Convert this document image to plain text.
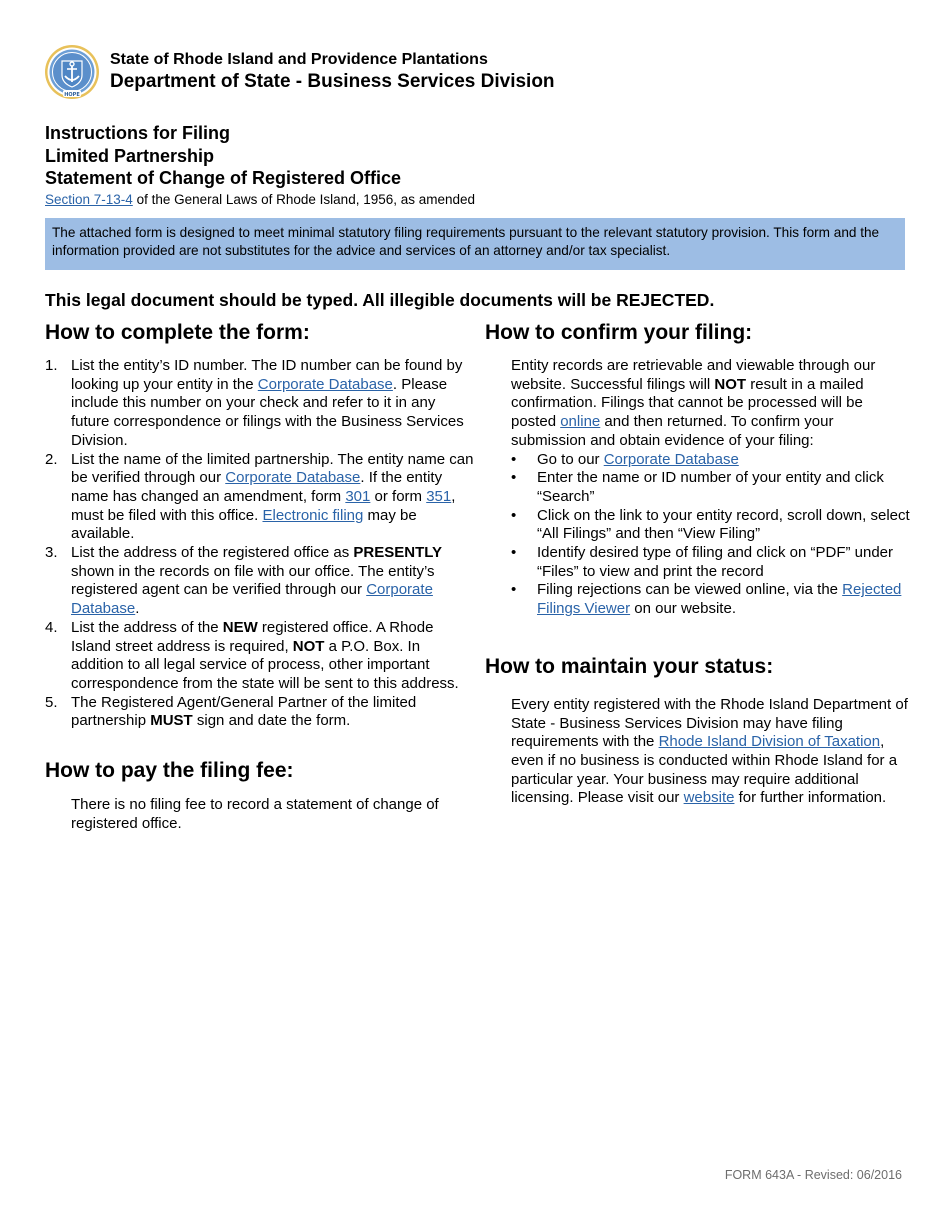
HOPE
State of Rhode Island and Providence Plantations
Department of State - Business Services Division
Instructions for Filing
Limited Partnership
Statement of Change of Registered Office
Section 7-13-4 of the General Laws of Rhode Island, 1956, as amended
The attached form is designed to meet minimal statutory filing requirements pursuant to the relevant statutory provision. This form and the information provided are not substitutes for the advice and services of an attorney and/or tax specialist.
This legal document should be typed. All illegible documents will be REJECTED.
How to complete the form:
1. List the entity’s ID number. The ID number can be found by looking up your entity in the Corporate Database. Please include this number on your check and refer to it in any future correspondence or filings with the Business Services Division.
2. List the name of the limited partnership. The entity name can be verified through our Corporate Database. If the entity name has changed an amendment, form 301 or form 351, must be filed with this office. Electronic filing may be available.
3. List the address of the registered office as PRESENTLY shown in the records on file with our office. The entity’s registered agent can be verified through our Corporate Database.
4. List the address of the NEW registered office. A Rhode Island street address is required, NOT a P.O. Box. In addition to all legal service of process, other important correspondence from the state will be sent to this address.
5. The Registered Agent/General Partner of the limited partnership MUST sign and date the form.
How to pay the filing fee:
There is no filing fee to record a statement of change of registered office.
How to confirm your filing:
Entity records are retrievable and viewable through our website. Successful filings will NOT result in a mailed confirmation. Filings that cannot be processed will be posted online and then returned. To confirm your submission and obtain evidence of your filing:
• Go to our Corporate Database
• Enter the name or ID number of your entity and click “Search”
• Click on the link to your entity record, scroll down, select “All Filings” and then “View Filing”
• Identify desired type of filing and click on “PDF” under “Files” to view and print the record
• Filing rejections can be viewed online, via the Rejected Filings Viewer on our website.
How to maintain your status:
Every entity registered with the Rhode Island Department of State - Business Services Division may have filing requirements with the Rhode Island Division of Taxation, even if no business is conducted within Rhode Island for a particular year. Your business may require additional licensing. Please visit our website for further information.
FORM 643A - Revised: 06/2016
